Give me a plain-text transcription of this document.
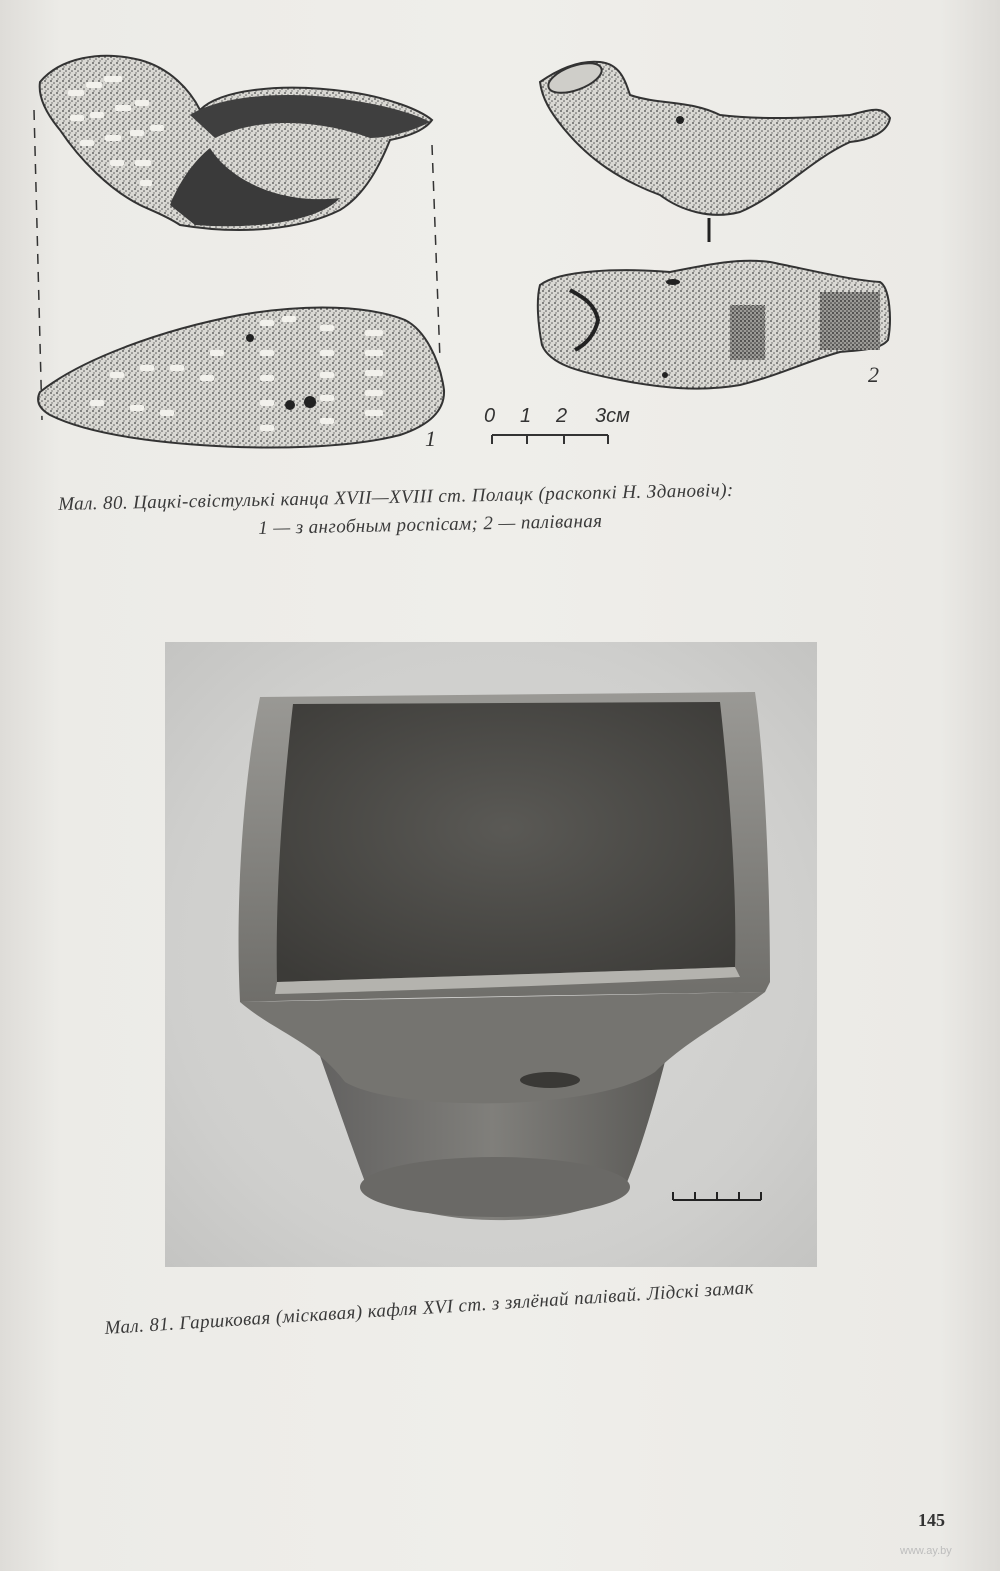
1
2
0 1 2 3см
Мал. 80. Цацкі-свістулькі канца XVII—XVIII ст. Полацк (раскопкі Н. Здановіч):
1 — з ангобным роспісам; 2 — паліваная
Мал. 81. Гаршковая (міскавая) кафля XVI ст. з зялёнай палівай. Лідскі замак
145
www.ay.by
